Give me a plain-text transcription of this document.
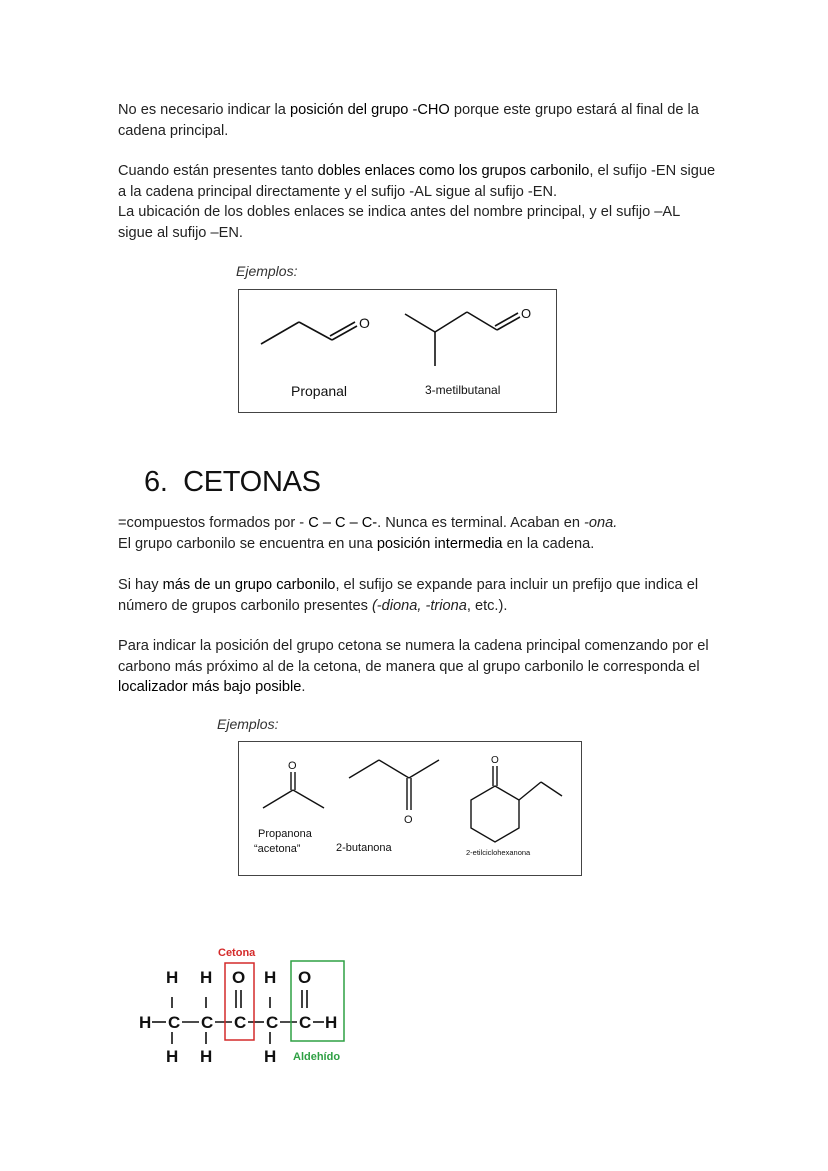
No es necesario indicar la posición del grupo -CHO porque este grupo estará al final de la cadena principal.

Cuando están presentes tanto dobles enlaces como los grupos carbonilo, el sufijo -EN sigue a la cadena principal directamente y el sufijo -AL sigue al sufijo -EN.

La ubicación de los dobles enlaces se indica antes del nombre principal, y el sufijo –AL sigue al sufijo –EN.

Ejemplos:
O
Propanal
O
3-metilbutanal
6. CETONAS

=compuestos formados por - C – C – C-. Nunca es terminal. Acaban en -ona.

El grupo carbonilo se encuentra en una posición intermedia en la cadena.

Si hay más de un grupo carbonilo, el sufijo se expande para incluir un prefijo que indica el número de grupos carbonilo presentes (-diona, -triona, etc.).

Para indicar la posición del grupo cetona se numera la cadena principal comenzando por el carbono más próximo al de la cetona, de manera que al grupo carbonilo le corresponda el localizador más bajo posible.

Ejemplos:
O
Propanona
“acetona”
O
2-butanona
O
2-etilciclohexanona
H H O H O
H C C C C C H
H H	H
Cetona
Aldehído
